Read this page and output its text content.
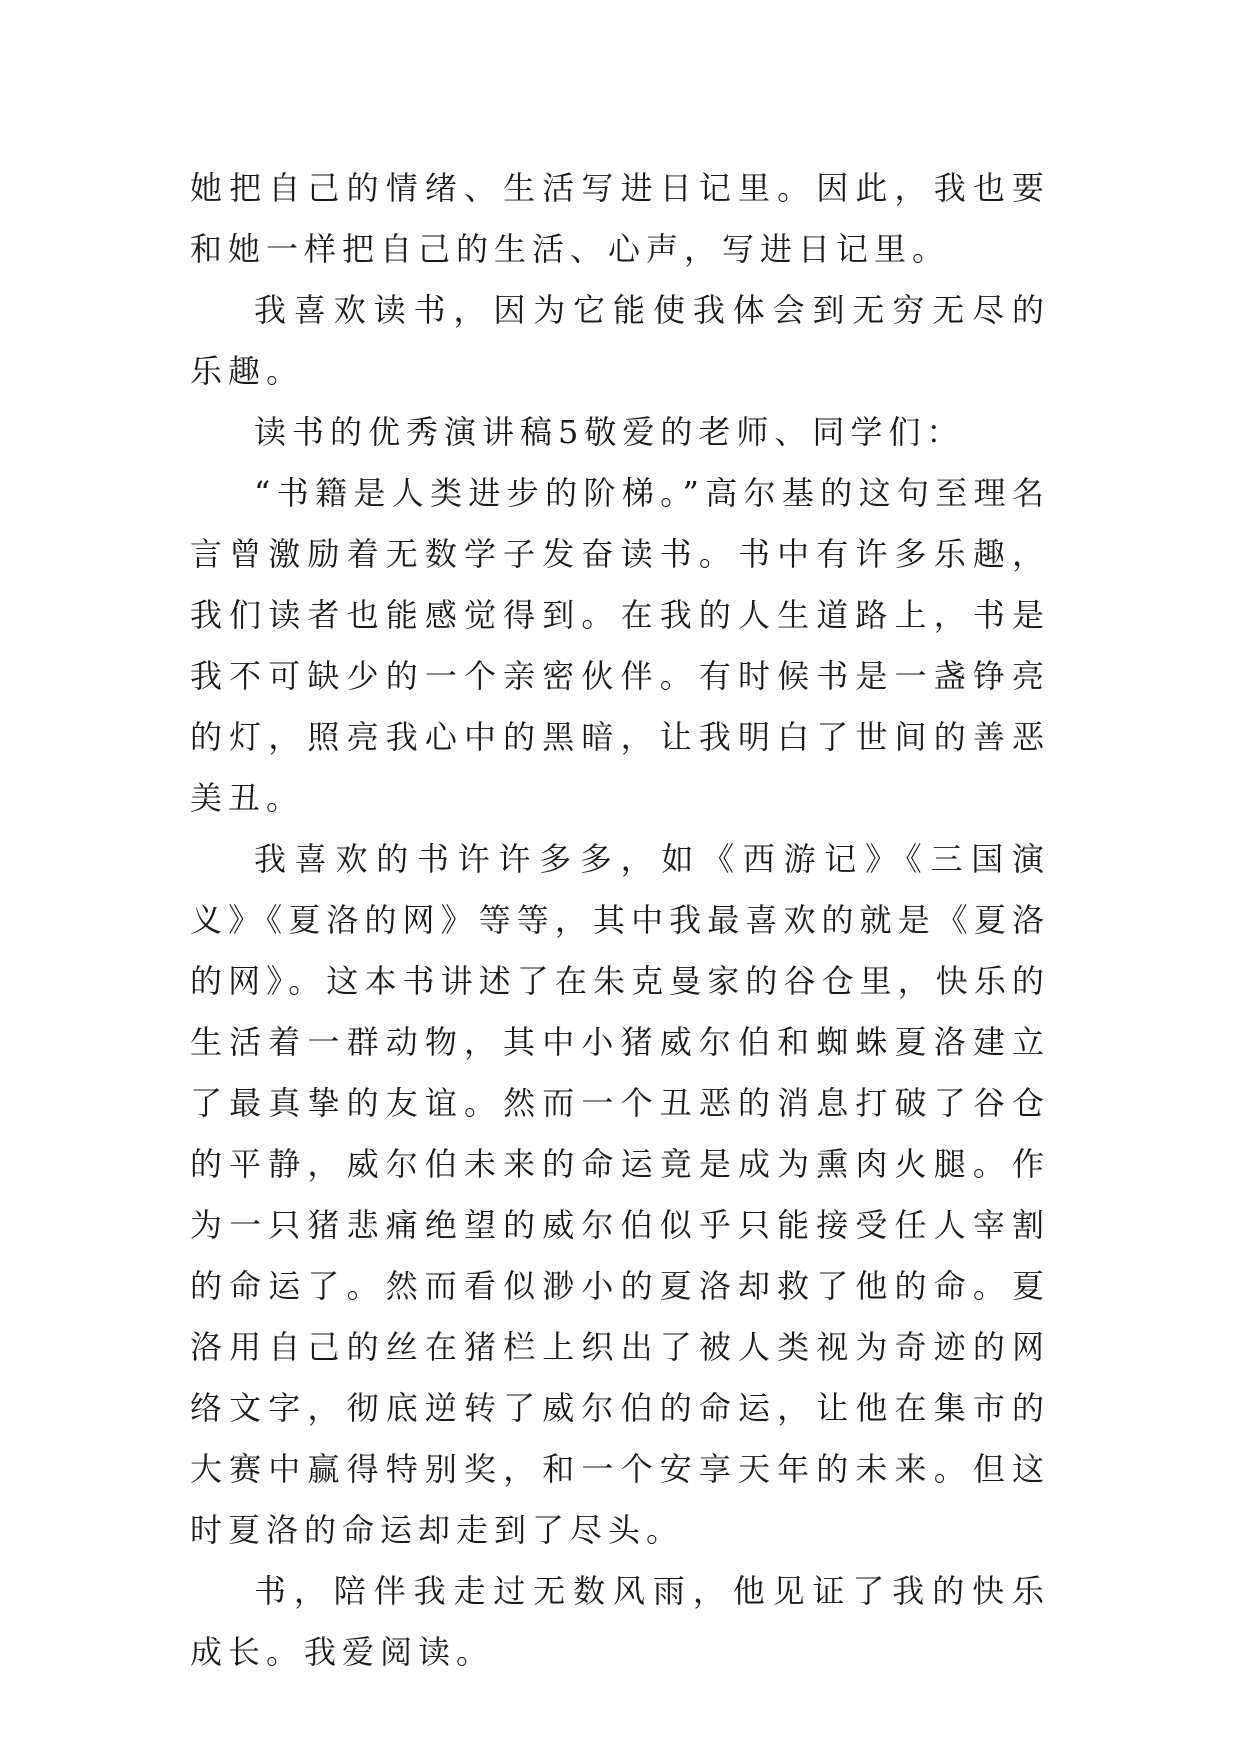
她把自己的情绪、生活写进日记里。因此，我也要和她一样把自己的生活、心声，写进日记里。

我喜欢读书，因为它能使我体会到无穷无尽的乐趣。

读书的优秀演讲稿5敬爱的老师、同学们：

“书籍是人类进步的阶梯。”高尔基的这句至理名言曾激励着无数学子发奋读书。书中有许多乐趣，我们读者也能感觉得到。在我的人生道路上，书是我不可缺少的一个亲密伙伴。有时候书是一盏铮亮的灯，照亮我心中的黑暗，让我明白了世间的善恶美丑。

我喜欢的书许许多多，如《西游记》《三国演义》《夏洛的网》等等，其中我最喜欢的就是《夏洛的网》。这本书讲述了在朱克曼家的谷仓里，快乐的生活着一群动物，其中小猪威尔伯和蜘蛛夏洛建立了最真挚的友谊。然而一个丑恶的消息打破了谷仓的平静，威尔伯未来的命运竟是成为熏肉火腿。作为一只猪悲痛绝望的威尔伯似乎只能接受任人宰割的命运了。然而看似渺小的夏洛却救了他的命。夏洛用自己的丝在猪栏上织出了被人类视为奇迹的网络文字，彻底逆转了威尔伯的命运，让他在集市的大赛中赢得特别奖，和一个安享天年的未来。但这时夏洛的命运却走到了尽头。

书，陪伴我走过无数风雨，他见证了我的快乐成长。我爱阅读。
